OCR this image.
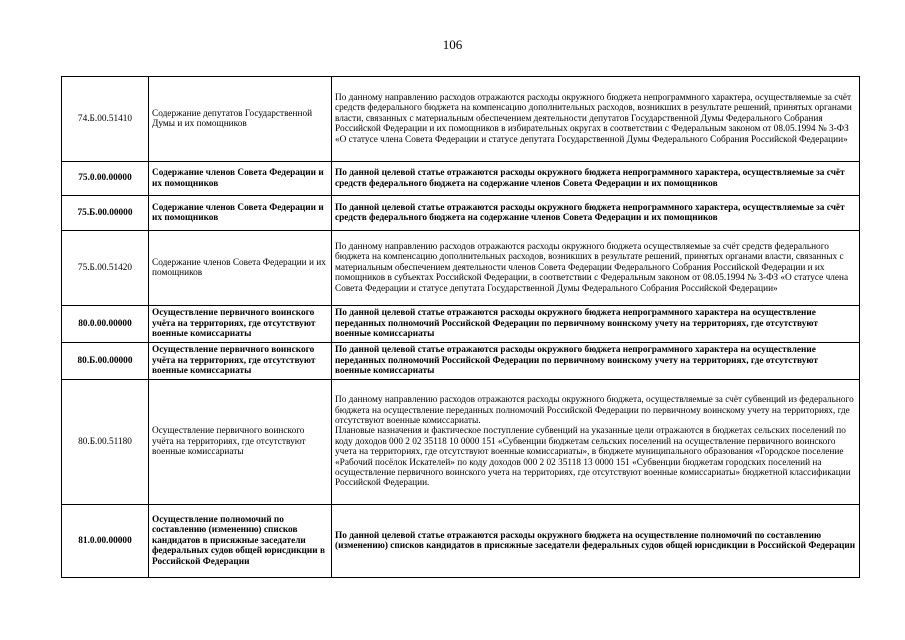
106
74.Б.00.51410	Содержание депутатов Государственной Думы и их помощников	По данному направлению расходов отражаются расходы окружного бюджета непрограммного характера, осуществляемые за счёт средств федерального бюджета на компенсацию дополнительных расходов, возникших в результате решений, принятых органами власти, связанных с материальным обеспечением деятельности депутатов Государственной Думы Федерального Собрания Российской Федерации и их помощников в избирательных округах в соответствии с Федеральным законом от 08.05.1994 № 3-ФЗ «О статусе члена Совета Федерации и статусе депутата Государственной Думы Федерального Собрания Российской Федерации»

75.0.00.00000	Содержание членов Совета Федерации и их помощников	По данной целевой статье отражаются расходы окружного бюджета непрограммного характера, осуществляемые за счёт средств федерального бюджета на содержание членов Совета Федерации и их помощников

75.Б.00.00000	Содержание членов Совета Федерации и их помощников	По данной целевой статье отражаются расходы окружного бюджета непрограммного характера, осуществляемые за счёт средств федерального бюджета на содержание членов Совета Федерации и их помощников

75.Б.00.51420	Содержание членов Совета Федерации и их помощников	По данному направлению расходов отражаются расходы окружного бюджета осуществляемые за счёт средств федерального бюджета на компенсацию дополнительных расходов, возникших в результате решений, принятых органами власти, связанных с материальным обеспечением деятельности членов Совета Федерации Федерального Собрания Российской Федерации и их помощников в субъектах Российской Федерации, в соответствии с Федеральным законом от 08.05.1994 № 3-ФЗ «О статусе члена Совета Федерации и статусе депутата Государственной Думы Федерального Собрания Российской Федерации»

80.0.00.00000	Осуществление первичного воинского учёта на территориях, где отсутствуют военные комиссариаты	По данной целевой статье отражаются расходы окружного бюджета непрограммного характера на осуществление переданных полномочий Российской Федерации по первичному воинскому учету на территориях, где отсутствуют военные комиссариаты

80.Б.00.00000	Осуществление первичного воинского учёта на территориях, где отсутствуют военные комиссариаты	По данной целевой статье отражаются расходы окружного бюджета непрограммного характера на осуществление переданных полномочий Российской Федерации по первичному воинскому учету на территориях, где отсутствуют военные комиссариаты

80.Б.00.51180	Осуществление первичного воинского учёта на территориях, где отсутствуют военные комиссариаты	По данному направлению расходов отражаются расходы окружного бюджета, осуществляемые за счёт субвенций из федерального бюджета на осуществление переданных полномочий Российской Федерации по первичному воинскому учету на территориях, где отсутствуют военные комиссариаты.

Плановые назначения и фактическое поступление субвенций на указанные цели отражаются в бюджетах сельских поселений по коду доходов 000 2 02 35118 10 0000 151 «Субвенции бюджетам сельских поселений на осуществление первичного воинского учета на территориях, где отсутствуют военные комиссариаты», в бюджете муниципального образования «Городское поселение «Рабочий посёлок Искателей» по коду доходов 000 2 02 35118 13 0000 151 «Субвенции бюджетам городских поселений на осуществление первичного воинского учета на территориях, где отсутствуют военные комиссариаты» бюджетной классификации Российской Федерации.

81.0.00.00000	Осуществление полномочий по составлению (изменению) списков кандидатов в присяжные заседатели федеральных судов общей юрисдикции в Российской Федерации	По данной целевой статье отражаются расходы окружного бюджета на осуществление полномочий по составлению (изменению) списков кандидатов в присяжные заседатели федеральных судов общей юрисдикции в Российской Федерации
